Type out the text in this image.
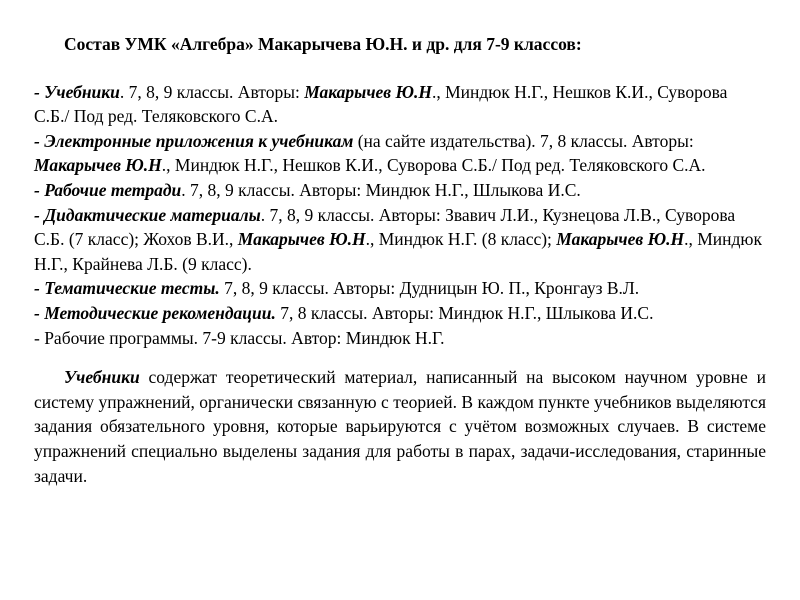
Состав УМК «Алгебра» Макарычева Ю.Н. и др. для 7-9 классов:

- Учебники. 7, 8, 9 классы. Авторы: Макарычев Ю.Н., Миндюк Н.Г., Нешков К.И., Суворова С.Б./ Под ред. Теляковского С.А.

- Электронные приложения к учебникам (на сайте издательства). 7, 8 классы. Авторы: Макарычев Ю.Н., Миндюк Н.Г., Нешков К.И., Суворова С.Б./ Под ред. Теляковского С.А.

- Рабочие тетради. 7, 8, 9 классы. Авторы: Миндюк Н.Г., Шлыкова И.С.

- Дидактические материалы. 7, 8, 9 классы. Авторы: Звавич Л.И., Кузнецова Л.В., Суворова С.Б. (7 класс); Жохов В.И., Макарычев Ю.Н., Миндюк Н.Г. (8 класс); Макарычев Ю.Н., Миндюк Н.Г., Крайнева Л.Б. (9 класс).

- Тематические тесты. 7, 8, 9 классы. Авторы: Дудницын Ю. П., Кронгауз В.Л.

- Методические рекомендации. 7, 8 классы. Авторы: Миндюк Н.Г., Шлыкова И.С.

- Рабочие программы. 7-9 классы. Автор: Миндюк Н.Г.

Учебники содержат теоретический материал, написанный на высоком научном уровне и систему упражнений, органически связанную с теорией. В каждом пункте учебников выделяются задания обязательного уровня, которые варьируются с учётом возможных случаев. В системе упражнений специально выделены задания для работы в парах, задачи-исследования, старинные задачи.
